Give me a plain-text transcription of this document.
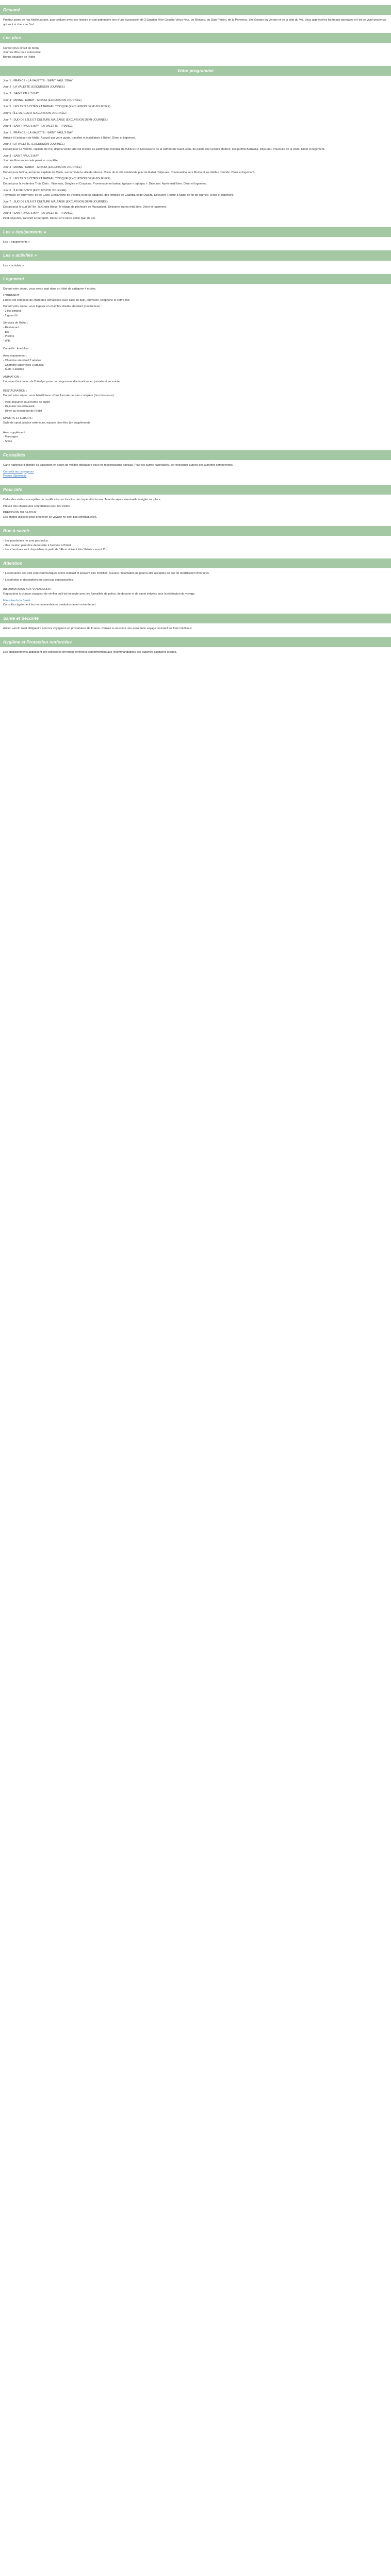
Résumé
Profitez parmi de nos Meilleurs prix, pour séduire avec son histoire et son patrimoine lors d'une succession de 3 Quartier Rive Gauche-Vieux Nice, de Monaco, du Quai Paillon, de la Provence, des Gorges du Verdon et de la côte du Var. Vous apprécierez les beaux paysages et l'art de vivre provençal qui sont si chers au Sud.
Les plus
Confort d'un circuit de ferme
Journée libre pour autonomie
Bonne situation de l'hôtel
Votre programme
Jour 1 : FRANCE - LA VALETTE - SAINT PAUL S'BAY
Jour 2 : LA VALETTE (EXCURSION JOURNÉE)
Jour 3 : SAINT PAUL'S BAY
Jour 4 : MDINA - RABAT - MOSTA (EXCURSION JOURNÉE)
Jour 5 : LES TROIS CITÉS ET BATEAU TYPIQUE (EXCURSION DEMI-JOURNÉE)
Jour 6 : ÎLE DE GOZO (EXCURSION JOURNÉE)
Jour 7 : SUD DE L'ÎLE ET CULTURE MALTAISE (EXCURSION DEMI-JOURNÉE)
Jour 8 : SAINT PAUL'S BAY - LA VALETTE - FRANCE
Jour 1 : FRANCE - LA VALETTE - SAINT PAUL'S BAY
Arrivée à l'aéroport de Malte. Accueil par votre guide, transfert et installation à l'hôtel. Dîner et logement.
Jour 2 : LA VALETTE (EXCURSION JOURNÉE)
Départ pour La Valette, capitale de l'île, dont la vieille ville est inscrite au patrimoine mondial de l'UNESCO. Découverte de la cathédrale Saint-Jean, du palais des Grands Maîtres, des jardins Barrakka. Déjeuner. Poursuite de la visite. Dîner et logement.
Jour 3 : SAINT PAUL'S BAY
Journée libre en formule pension complète.
Jour 4 : MDINA - RABAT - MOSTA (EXCURSION JOURNÉE)
Départ pour Mdina, ancienne capitale de Malte, surnommée la ville du silence. Visite de la cité médiévale puis de Rabat. Déjeuner. Continuation vers Mosta et sa célèbre rotonde. Dîner et logement.
Jour 5 : LES TROIS CITÉS ET BATEAU TYPIQUE (EXCURSION DEMI-JOURNÉE)
Départ pour la visite des Trois Cités : Vittoriosa, Senglea et Cospicua. Promenade en bateau typique « dghajsa ». Déjeuner. Après-midi libre. Dîner et logement.
Jour 6 : ÎLE DE GOZO (EXCURSION JOURNÉE)
Traversée en ferry vers l'île de Gozo. Découverte de Victoria et de sa citadelle, des temples de Ggantija et de Dwejra. Déjeuner. Retour à Malte en fin de journée. Dîner et logement.
Jour 7 : SUD DE L'ÎLE ET CULTURE MALTAISE (EXCURSION DEMI-JOURNÉE)
Départ pour le sud de l'île : la Grotte Bleue, le village de pêcheurs de Marsaxlokk. Déjeuner. Après-midi libre. Dîner et logement.
Jour 8 : SAINT PAUL'S BAY - LA VALETTE - FRANCE
Petit-déjeuner, transfert à l'aéroport. Retour en France selon plan de vol.
Les « équipements »
Les « équipements »
Les « activités »
Les « activités »
Logement
Durant votre circuit, vous serez logé dans un hôtel de catégorie 4 étoiles.
LOGEMENT :
L'hôtel est composé de chambres climatisées avec salle de bain, télévision, téléphone et coffre-fort.
Durant votre séjour, vous logerez en chambre double standard (non fumeur) :
- 2 lits simples
- 1 grand lit
Services de l'hôtel :
- Restaurant
- Bar
- Piscine
- Wifi
Capacité : 4 adultes
Avec équipement :
- Chambre standard 2 adultes
- Chambre supérieure 3 adultes
- Suite 4 adultes
ANIMATION :
L'équipe d'animation de l'hôtel propose un programme d'animations en journée et en soirée.
RESTAURATION :
Durant votre séjour, vous bénéficierez d'une formule pension complète (hors boissons) :
- Petit-déjeuner sous forme de buffet
- Déjeuner au restaurant
- Dîner au restaurant de l'hôtel
SPORTS ET LOISIRS :
Salle de sport, piscine extérieure, espace bien-être (en supplément).
Avec supplément :
- Massages
- Soins
Formalités
Carte nationale d'identité ou passeport en cours de validité obligatoire pour les ressortissants français. Pour les autres nationalités, se renseigner auprès des autorités compétentes.
Conseils aux voyageurs
France Diplomatie
Pour info
Ordre des visites susceptible de modification en fonction des impératifs locaux. Taxe de séjour éventuelle à régler sur place.
Prévoir des chaussures confortables pour les visites.
PRÉCISION DU SÉJOUR :
Les photos utilisées pour présenter ce voyage ne sont pas contractuelles.
Bon à savoir
- Les pourboires ne sont pas inclus.
- Une caution peut être demandée à l'arrivée à l'hôtel.
- Les chambres sont disponibles à partir de 14h et doivent être libérées avant 11h.
Attention
* Les horaires des vols sont communiqués à titre indicatif et peuvent être modifiés. Aucune réclamation ne pourra être acceptée en cas de modification d'horaires.
* Les photos et descriptions ne sont pas contractuelles.
INFORMATIONS AUX VOYAGEURS :
Il appartient à chaque voyageur de vérifier qu'il est en règle avec les formalités de police, de douane et de santé exigées pour la réalisation du voyage.
Ministère de la Santé
Consultez également les recommandations sanitaires avant votre départ.
Santé et Sécurité
Aucun vaccin n'est obligatoire pour les voyageurs en provenance de France. Pensez à souscrire une assurance voyage couvrant les frais médicaux.
Hygiène et Protection renforcées
Les établissements appliquent des protocoles d'hygiène renforcés conformément aux recommandations des autorités sanitaires locales.
